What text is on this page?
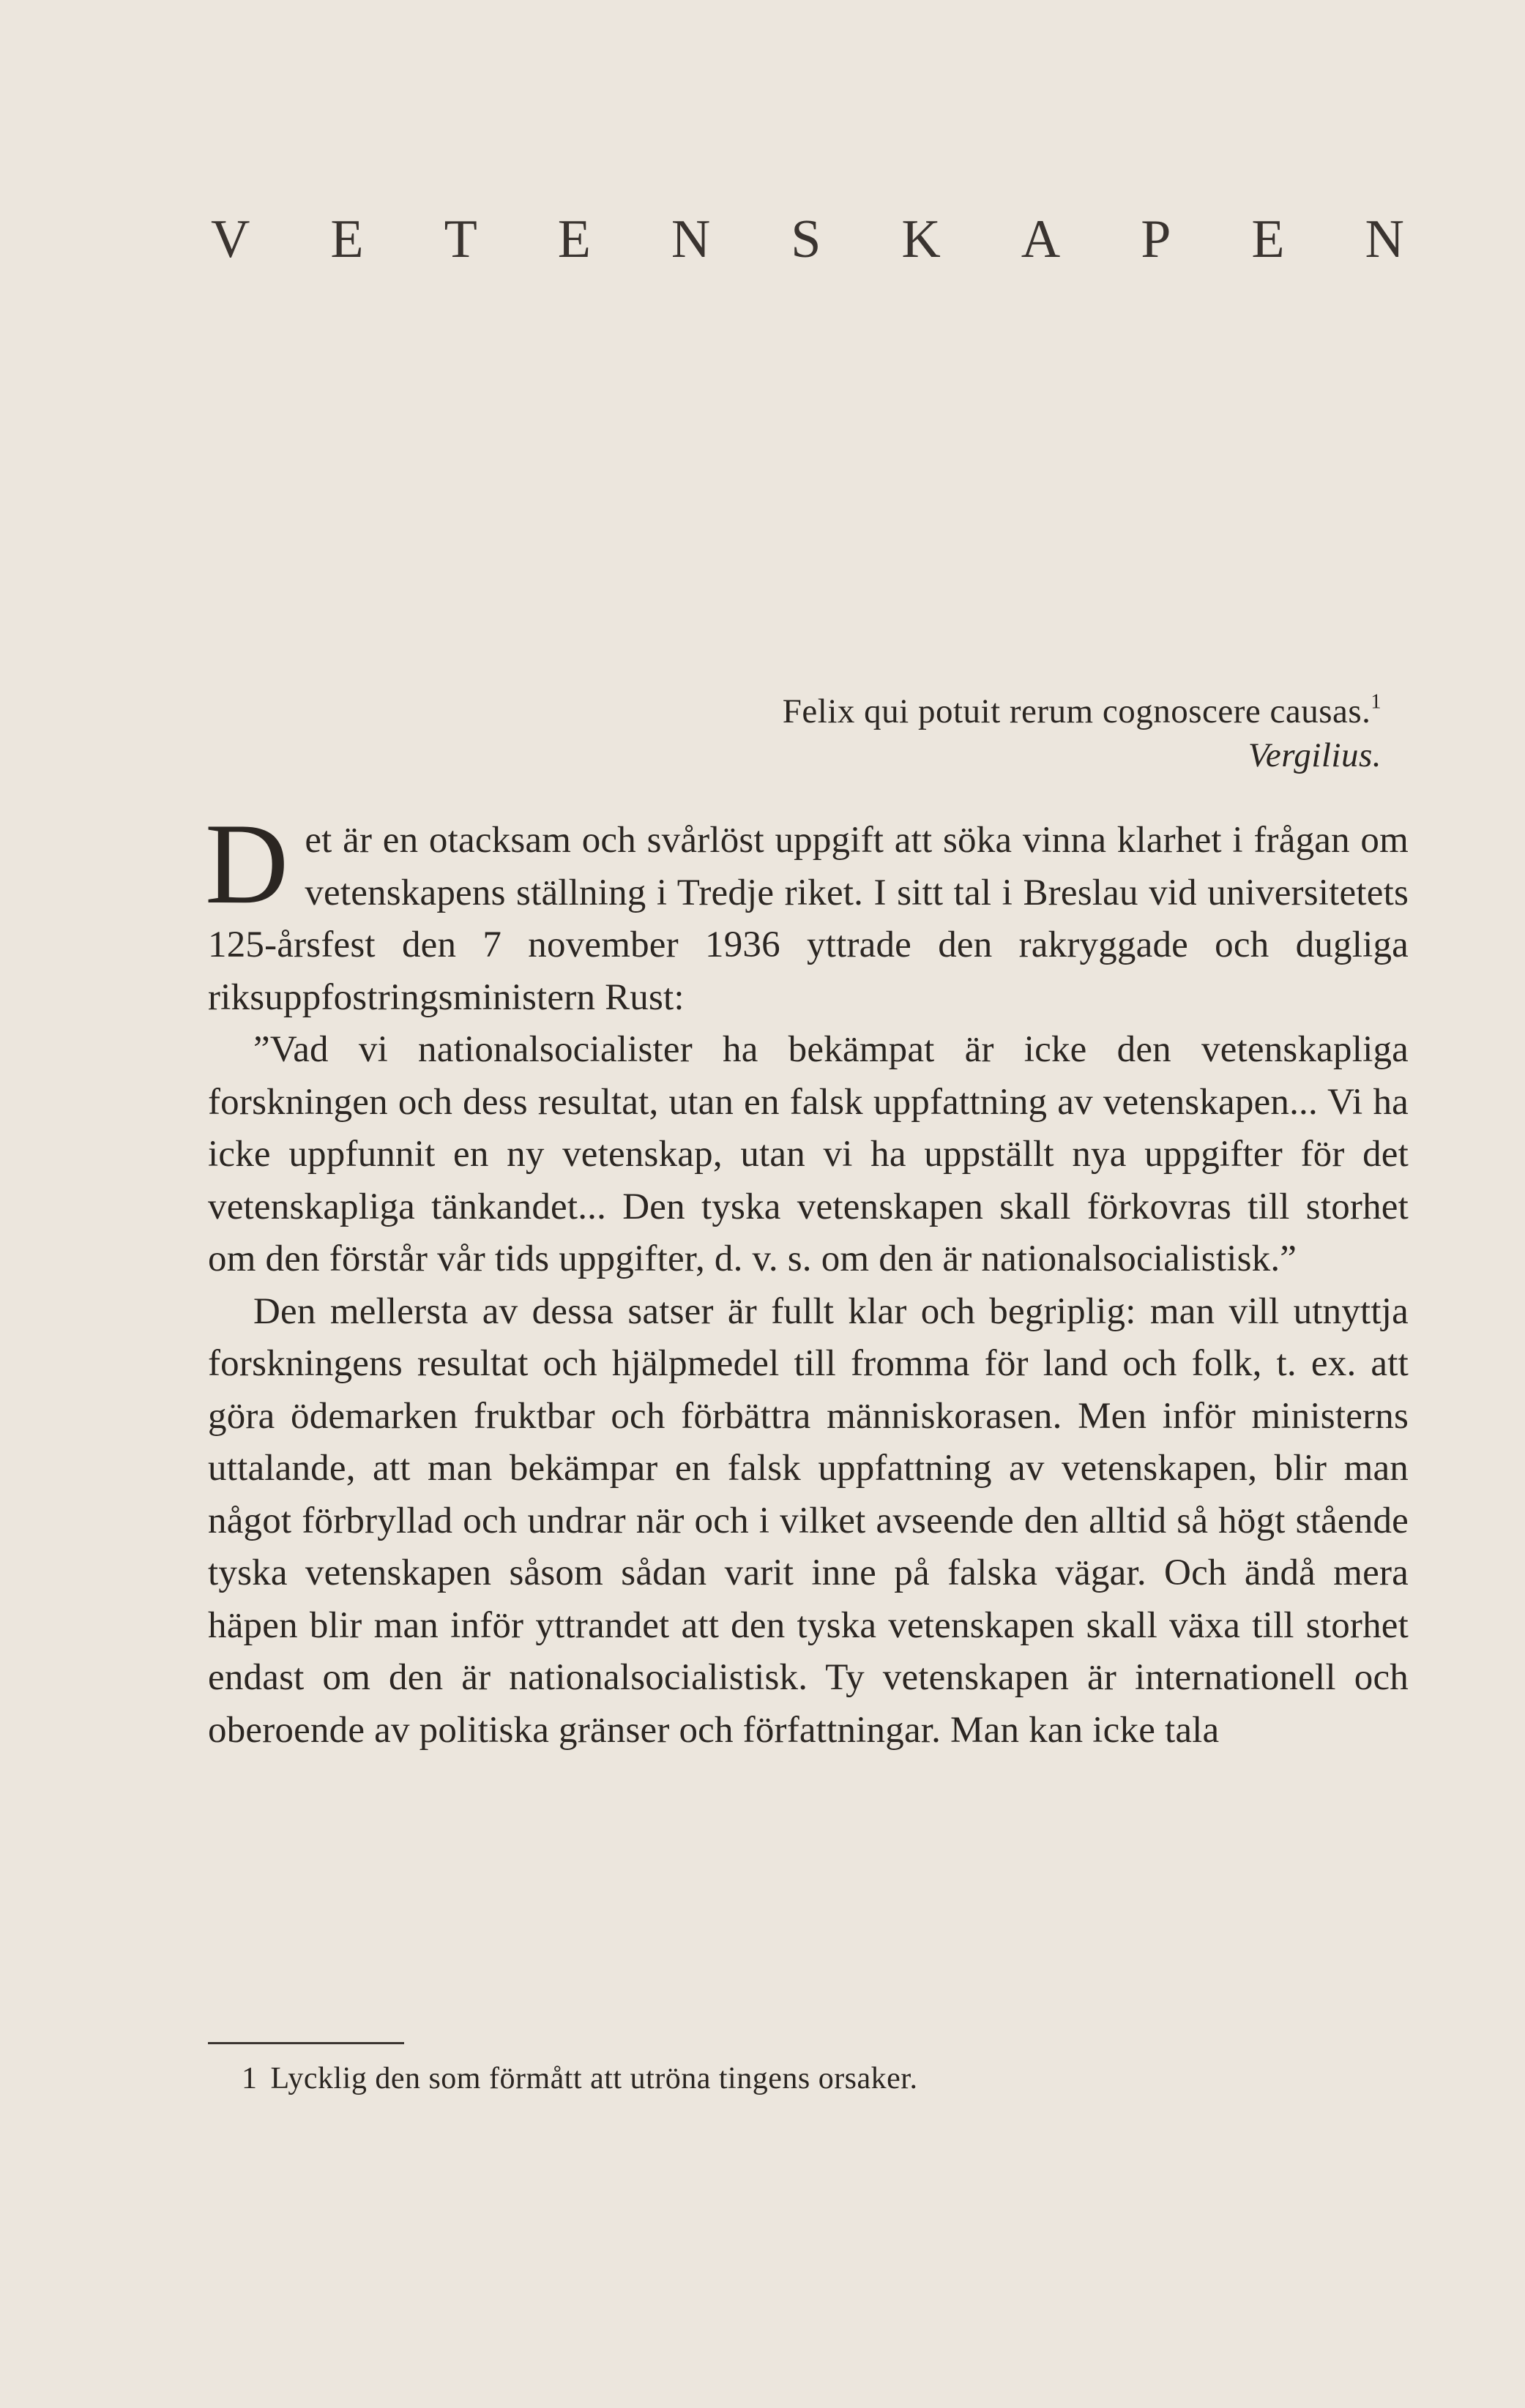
V E T E N S K A P E N
Felix qui potuit rerum cognoscere causas.$^1$
Vergilius.

Det är en otacksam och svårlöst uppgift att söka vinna klarhet i frågan om vetenskapens ställning i Tredje riket. I sitt tal i Breslau vid universitetets 125-årsfest den 7 november 1936 yttrade den rakryggade och dugliga riksuppfostringsministern Rust:

”Vad vi nationalsocialister ha bekämpat är icke den vetenskapliga forskningen och dess resultat, utan en falsk uppfattning av vetenskapen... Vi ha icke uppfunnit en ny vetenskap, utan vi ha uppställt nya uppgifter för det vetenskapliga tänkandet... Den tyska vetenskapen skall förkovras till storhet om den förstår vår tids uppgifter, d. v. s. om den är nationalsocialistisk.”

Den mellersta av dessa satser är fullt klar och begriplig: man vill utnyttja forskningens resultat och hjälpmedel till fromma för land och folk, t. ex. att göra ödemarken fruktbar och förbättra människorasen. Men inför ministerns uttalande, att man bekämpar en falsk uppfattning av vetenskapen, blir man något förbryllad och undrar när och i vilket avseende den alltid så högt stående tyska vetenskapen såsom sådan varit inne på falska vägar. Och ändå mera häpen blir man inför yttrandet att den tyska vetenskapen skall växa till storhet endast om den är nationalsocialistisk. Ty vetenskapen är internationell och oberoende av politiska gränser och författningar. Man kan icke tala

1 Lycklig den som förmått att utröna tingens orsaker.
